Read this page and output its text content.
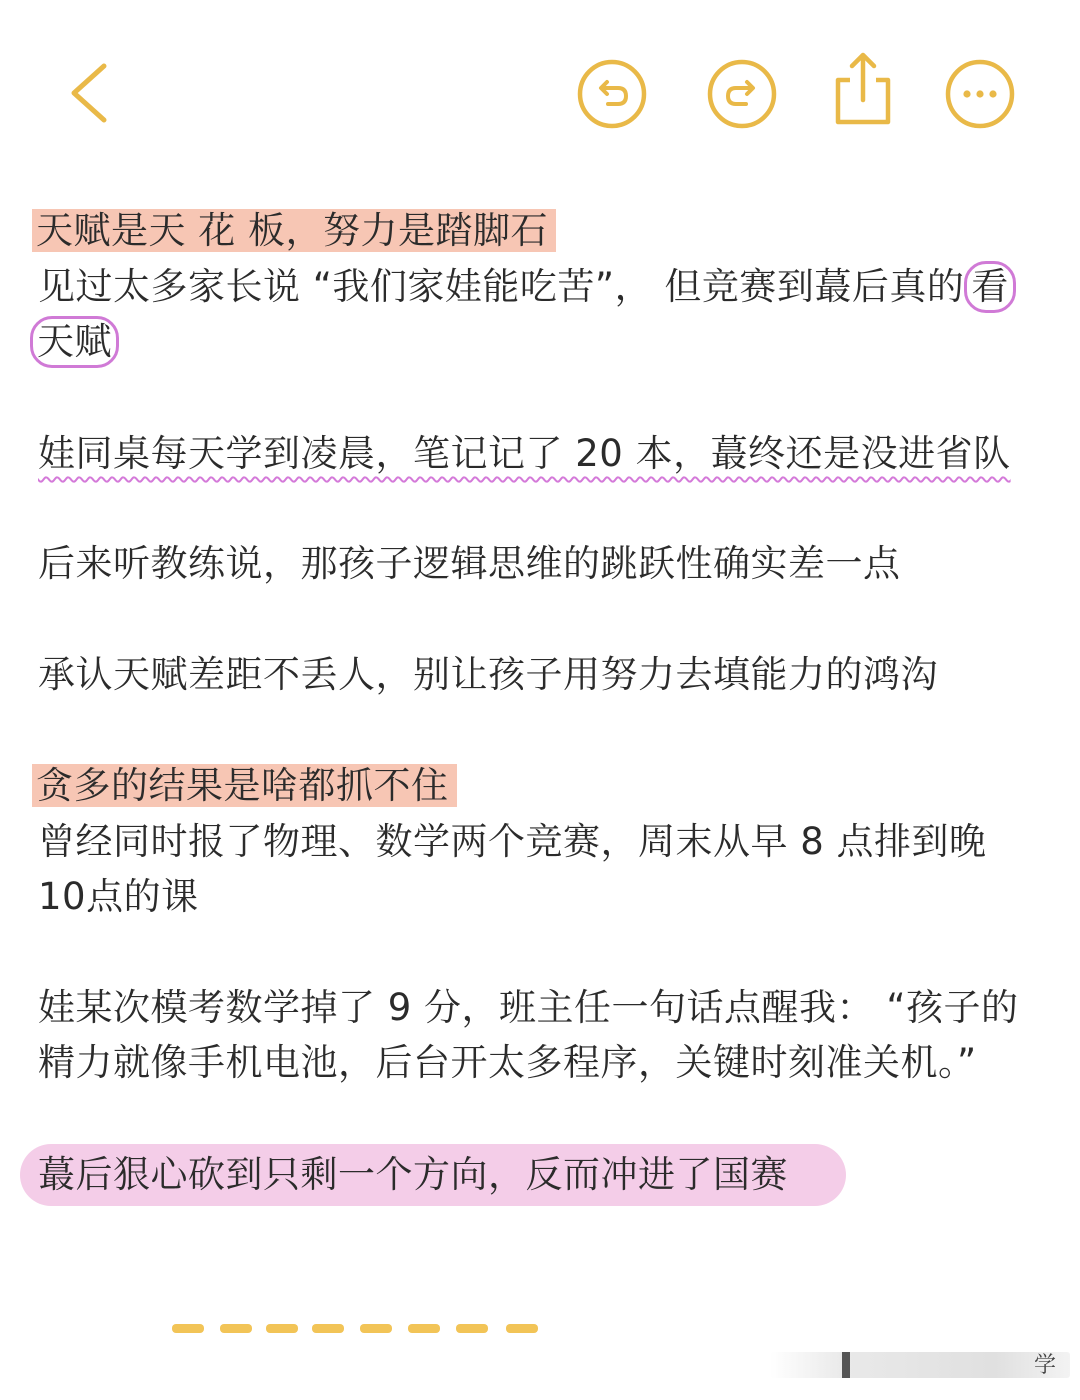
天赋是天 花 板，努力是踏脚石
见过太多家长说 “我们家娃能吃苦”， 但竞赛到蕞后真的 看
天赋
娃同桌每天学到凌晨，笔记记了 20 本，蕞终还是没进省队
后来听教练说，那孩子逻辑思维的跳跃性确实差一点
承认天赋差距不丢人，别让孩子用努力去填能力的鸿沟
贪多的结果是啥都抓不住
曾经同时报了物理、数学两个竞赛，周末从早 8 点排到晚
10点的课
娃某次模考数学掉了 9 分，班主任一句话点醒我： “孩子的
精力就像手机电池，后台开太多程序，关键时刻准关机。”
蕞后狠心砍到只剩一个方向，反而冲进了国赛
学
